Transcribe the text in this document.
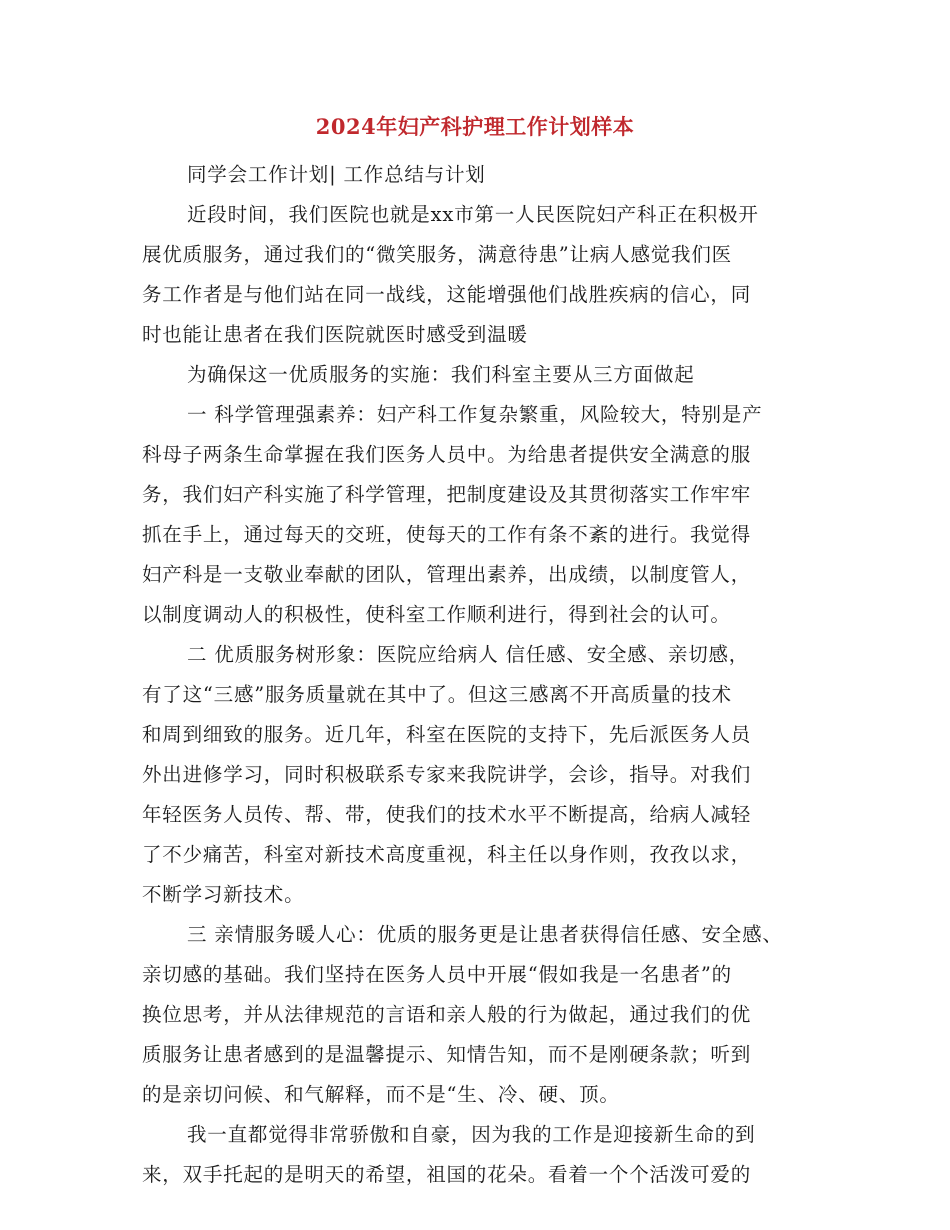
2024年妇产科护理工作计划样本
同学会工作计划| 工作总结与计划
近段时间，我们医院也就是xx市第一人民医院妇产科正在积极开
展优质服务，通过我们的“微笑服务，满意待患”让病人感觉我们医
务工作者是与他们站在同一战线，这能增强他们战胜疾病的信心，同
时也能让患者在我们医院就医时感受到温暖
为确保这一优质服务的实施：我们科室主要从三方面做起
一 科学管理强素养：妇产科工作复杂繁重，风险较大，特别是产
科母子两条生命掌握在我们医务人员中。为给患者提供安全满意的服
务，我们妇产科实施了科学管理，把制度建设及其贯彻落实工作牢牢
抓在手上，通过每天的交班，使每天的工作有条不紊的进行。我觉得
妇产科是一支敬业奉献的团队，管理出素养，出成绩，以制度管人，
以制度调动人的积极性，使科室工作顺利进行，得到社会的认可。
二 优质服务树形象：医院应给病人 信任感、安全感、亲切感，
有了这“三感”服务质量就在其中了。但这三感离不开高质量的技术
和周到细致的服务。近几年，科室在医院的支持下，先后派医务人员
外出进修学习，同时积极联系专家来我院讲学，会诊，指导。对我们
年轻医务人员传、帮、带，使我们的技术水平不断提高，给病人减轻
了不少痛苦，科室对新技术高度重视，科主任以身作则，孜孜以求，
不断学习新技术。
三 亲情服务暖人心：优质的服务更是让患者获得信任感、安全感、
亲切感的基础。我们坚持在医务人员中开展“假如我是一名患者”的
换位思考，并从法律规范的言语和亲人般的行为做起，通过我们的优
质服务让患者感到的是温馨提示、知情告知，而不是刚硬条款；听到
的是亲切问候、和气解释，而不是“生、冷、硬、顶。
我一直都觉得非常骄傲和自豪，因为我的工作是迎接新生命的到
来，双手托起的是明天的希望，祖国的花朵。看着一个个活泼可爱的
